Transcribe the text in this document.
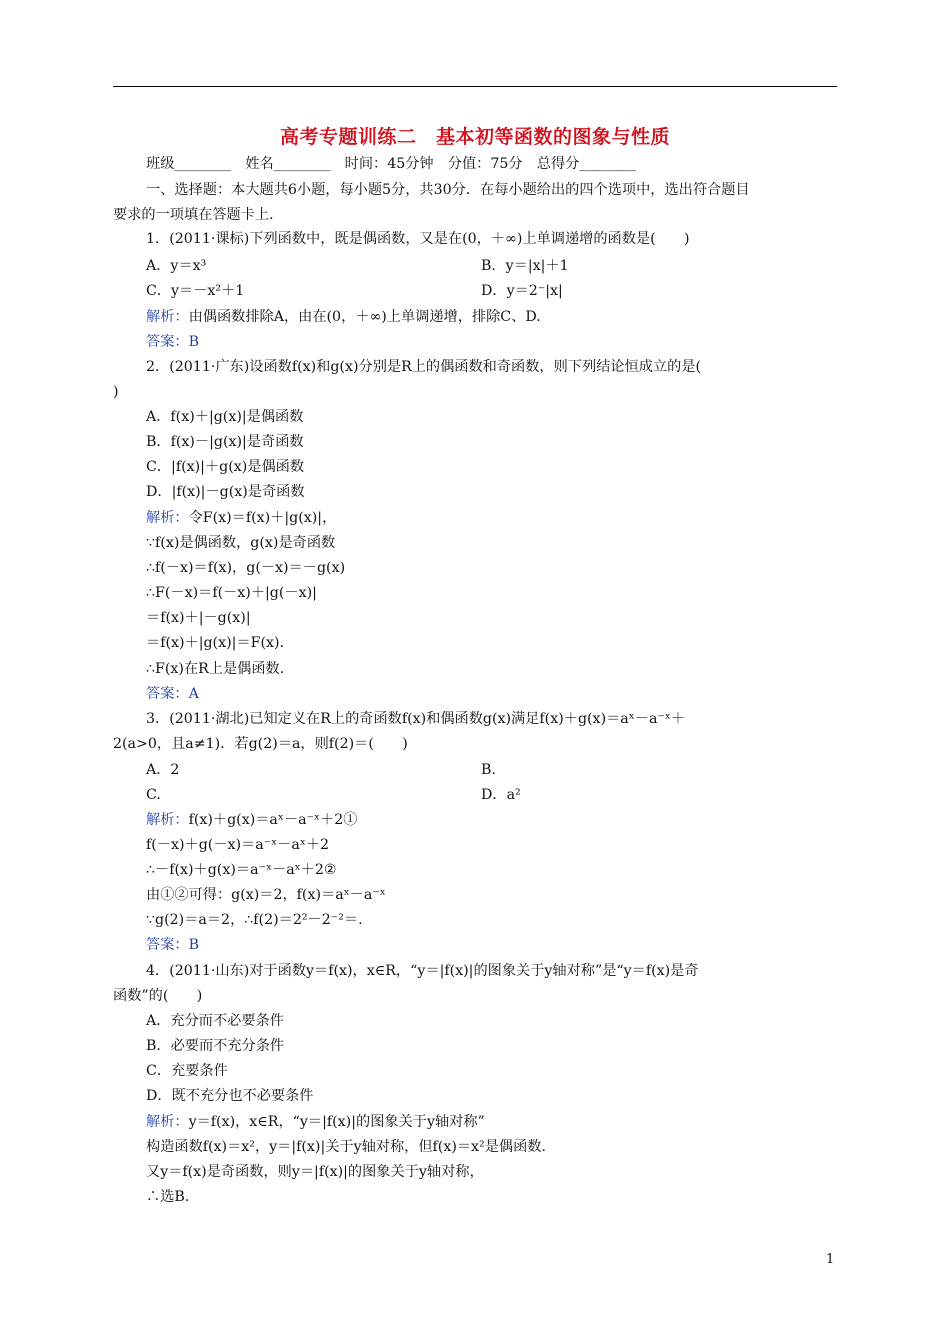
高考专题训练二　基本初等函数的图象与性质
班级________　姓名________　时间：45分钟　分值：75分　总得分________
一、选择题：本大题共6小题，每小题5分，共30分．在每小题给出的四个选项中，选出符合题目
要求的一项填在答题卡上．
1．(2011·课标)下列函数中，既是偶函数，又是在(0，＋∞)上单调递增的函数是(　　)
A．y＝x³	B．y＝|x|＋1
C．y＝－x²＋1	D．y＝2⁻|x|
解析：由偶函数排除A，由在(0，＋∞)上单调递增，排除C、D.
答案：B
2．(2011·广东)设函数f(x)和g(x)分别是R上的偶函数和奇函数，则下列结论恒成立的是(
)
A．f(x)＋|g(x)|是偶函数
B．f(x)－|g(x)|是奇函数
C．|f(x)|＋g(x)是偶函数
D．|f(x)|－g(x)是奇函数
解析：令F(x)＝f(x)＋|g(x)|，
∵f(x)是偶函数，g(x)是奇函数
∴f(－x)＝f(x)，g(－x)＝－g(x)
∴F(－x)＝f(－x)＋|g(－x)|
＝f(x)＋|－g(x)|
＝f(x)＋|g(x)|＝F(x)．
∴F(x)在R上是偶函数.
答案：A
3．(2011·湖北)已知定义在R上的奇函数f(x)和偶函数g(x)满足f(x)＋g(x)＝aˣ－a⁻ˣ＋
2(a>0，且a≠1)．若g(2)＝a，则f(2)＝(　　)
A．2	B.
C.	D．a²
解析：f(x)＋g(x)＝aˣ－a⁻ˣ＋2①
f(－x)＋g(－x)＝a⁻ˣ－aˣ＋2
∴－f(x)＋g(x)＝a⁻ˣ－aˣ＋2②
由①②可得：g(x)＝2，f(x)＝aˣ－a⁻ˣ
∵g(2)＝a＝2，∴f(2)＝2²－2⁻²＝.
答案：B
4．(2011·山东)对于函数y＝f(x)，x∈R，“y＝|f(x)|的图象关于y轴对称”是“y＝f(x)是奇
函数”的(　　)
A．充分而不必要条件
B．必要而不充分条件
C．充要条件
D．既不充分也不必要条件
解析：y＝f(x)，x∈R，“y＝|f(x)|的图象关于y轴对称”
构造函数f(x)＝x²，y＝|f(x)|关于y轴对称，但f(x)＝x²是偶函数.
又y＝f(x)是奇函数，则y＝|f(x)|的图象关于y轴对称，
∴选B.
1
